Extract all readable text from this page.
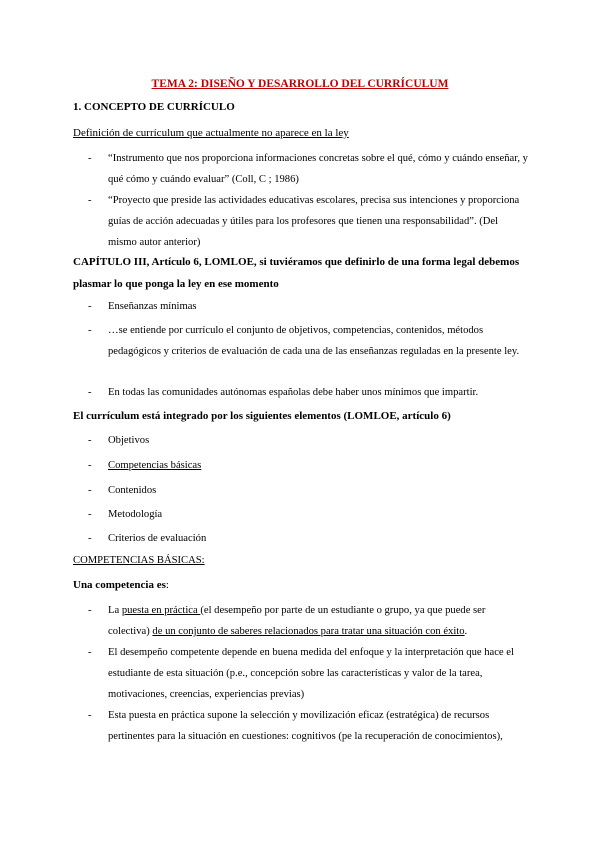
TEMA 2: DISEÑO Y DESARROLLO DEL CURRÍCULUM
1. CONCEPTO DE CURRÍCULO
Definición de currículum que actualmente no aparece en la ley
- “Instrumento que nos proporciona informaciones concretas sobre el qué, cómo y cuándo enseñar, y qué cómo y cuándo evaluar” (Coll, C ; 1986)
- “Proyecto que preside las actividades educativas escolares, precisa sus intenciones y proporciona guías de acción adecuadas y útiles para los profesores que tienen una responsabilidad”. (Del mismo autor anterior)
CAPÍTULO III, Artículo 6, LOMLOE, si tuviéramos que definirlo de una forma legal debemos plasmar lo que ponga la ley en ese momento
- Enseñanzas mínimas
- …se entiende por currículo el conjunto de objetivos, competencias, contenidos, métodos pedagógicos y criterios de evaluación de cada una de las enseñanzas reguladas en la presente ley.
- En todas las comunidades autónomas españolas debe haber unos mínimos que impartir.
El currículum está integrado por los siguientes elementos (LOMLOE, artículo 6)
- Objetivos
- Competencias básicas
- Contenidos
- Metodología
- Criterios de evaluación
COMPETENCIAS BÁSICAS:
Una competencia es:
- La puesta en práctica (el desempeño por parte de un estudiante o grupo, ya que puede ser colectiva) de un conjunto de saberes relacionados para tratar una situación con éxito.
- El desempeño competente depende en buena medida del enfoque y la interpretación que hace el estudiante de esta situación (p.e., concepción sobre las características y valor de la tarea, motivaciones, creencias, experiencias previas)
- Esta puesta en práctica supone la selección y movilización eficaz (estratégica) de recursos pertinentes para la situación en cuestiones: cognitivos (pe la recuperación de conocimientos),
